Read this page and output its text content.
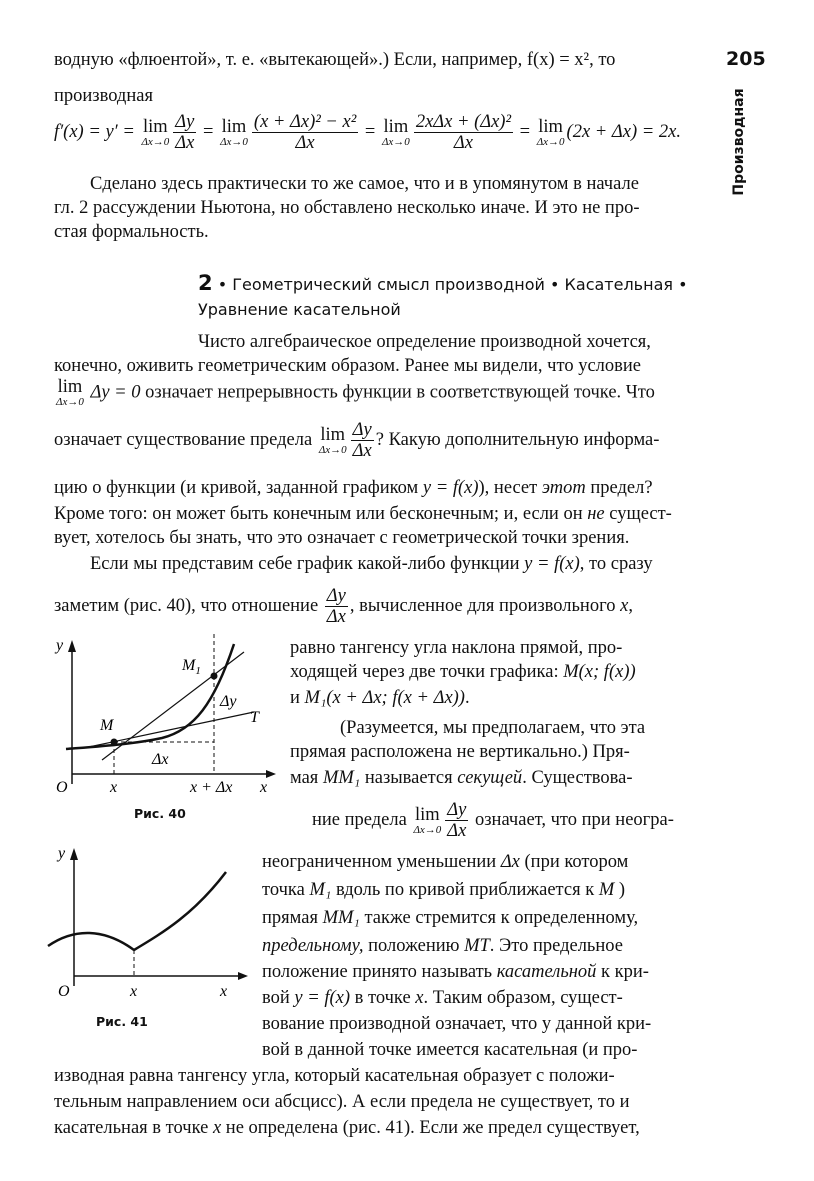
205
Производная
водную «флюентой», т. е. «вытекающей».) Если, например, f(x) = x², то
производная
f′(x) = y′ = lim
$\Delta x\to 0 \frac{\Delta y}{\Delta x} = \lim$
$\Delta x\to 0 \frac{\text{(x + Δx)² − x²}}{\Delta x} = \lim$
$\Delta x\to 0 \frac{\text{2xΔx + (Δx)²}}{\Delta x} = \lim$
Δx→0 (2x + Δx) = 2x.
Сделано здесь практически то же самое, что и в упомянутом в начале
гл. 2 рассуждении Ньютона, но обставлено несколько иначе. И это не про-
стая формальность.
2 • Геометрический смысл производной • Касательная •
Уравнение касательной
Чисто алгебраическое определение производной хочется,
конечно, оживить геометрическим образом. Ранее мы видели, что условие
lim
Δx→0 Δy = 0 означает непрерывность функции в соответствующей точке. Что
означает существование предела lim
$\Delta x\to 0 \frac{\Delta y}{\Delta x}$ ? Какую дополнительную информа-
цию о функции (и кривой, заданной графиком y = f(x)), несет этот предел?
Кроме того: он может быть конечным или бесконечным; и, если он не сущест-
вует, хотелось бы знать, что это означает с геометрической точки зрения.
Если мы представим себе график какой-либо функции y = f(x), то сразу
заметим (рис. 40), что отношение $\frac{\Delta y}{\Delta x}$ , вычисленное для произвольного x,
равно тангенсу угла наклона прямой, про-
ходящей через две точки графика: M(x; f(x))
и M₁(x + Δx; f(x + Δx)).
(Разумеется, мы предполагаем, что эта
прямая расположена не вертикально.) Пря-
мая MM₁ называется секущей. Существова-
ние предела lim
$\Delta x\to 0 \frac{\Delta y}{\Delta x}$ означает, что при неогра-
неограниченном уменьшении Δx (при котором
точка M₁ вдоль по кривой приближается к M )
прямая MM₁ также стремится к определенному,
предельному, положению MT. Это предельное
положение принято называть касательной к кри-
вой y = f(x) в точке x. Таким образом, сущест-
вование производной означает, что у данной кри-
вой в данной точке имеется касательная (и про-
изводная равна тангенсу угла, который касательная образует с положи-
тельным направлением оси абсцисс). А если предела не существует, то и
касательная в точке x не определена (рис. 41). Если же предел существует,
y
O	x	x + Δx x
M
$M_1$
Δy
Δx
T
Рис. 40
y
O	x	x
Рис. 41
